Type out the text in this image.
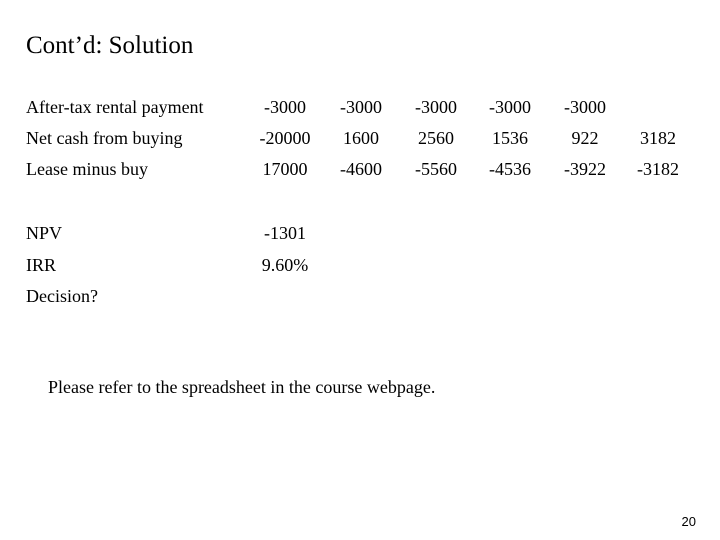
Cont’d: Solution
After-tax rental payment	-3000	-3000	-3000	-3000	-3000
Net cash from buying	-20000	1600	2560	1536	922	3182
Lease minus buy	17000	-4600	-5560	-4536	-3922	-3182
NPV	-1301
IRR	9.60%
Decision?
Please refer to the spreadsheet in the course webpage.
20
